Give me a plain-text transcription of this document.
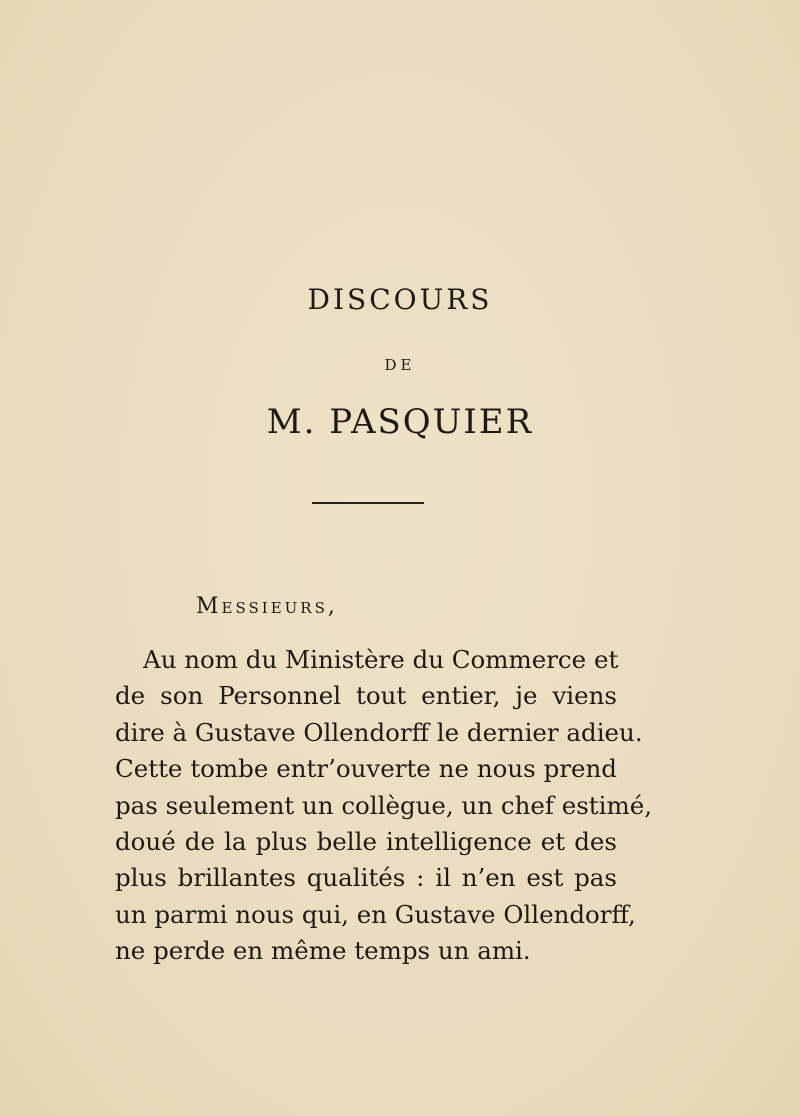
DISCOURS
DE
M. PASQUIER
Messieurs,
Au nom du Ministère du Commerce et
de son Personnel tout entier, je viens
dire à Gustave Ollendorff le dernier adieu.
Cette tombe entr’ouverte ne nous prend
pas seulement un collègue, un chef estimé,
doué de la plus belle intelligence et des
plus brillantes qualités : il n’en est pas
un parmi nous qui, en Gustave Ollendorff,
ne perde en même temps un ami.
